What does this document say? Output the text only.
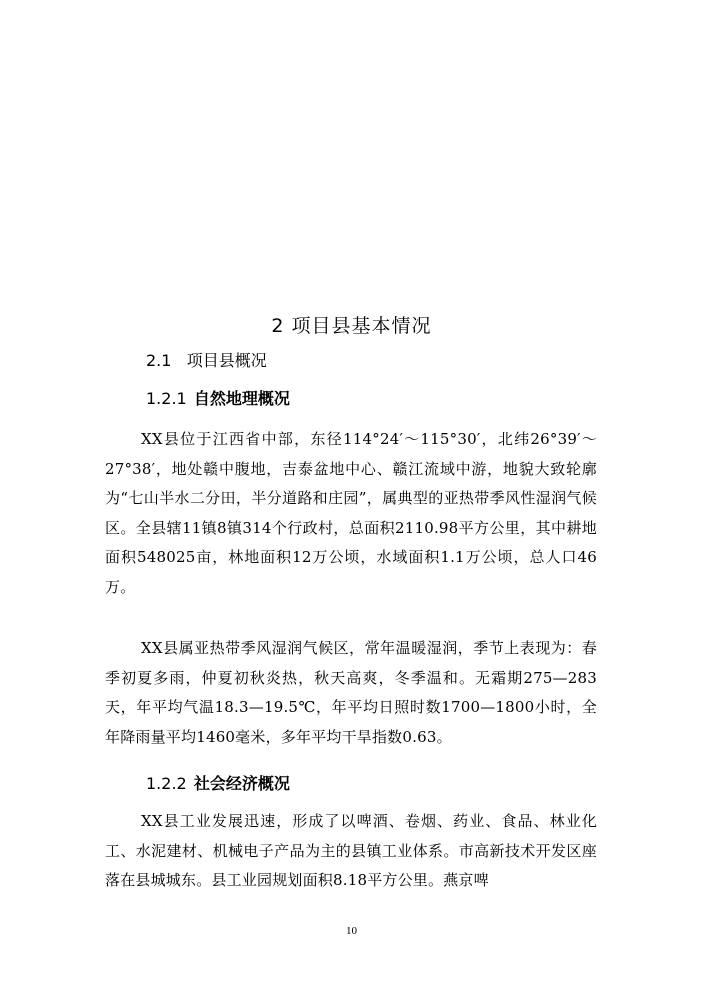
2 项目县基本情况
2.1 项目县概况
1.2.1 自然地理概况
XX县位于江西省中部，东径114°24′～115°30′，北纬26°39′～27°38′，地处赣中腹地，吉泰盆地中心、赣江流域中游，地貌大致轮廓为“七山半水二分田，半分道路和庄园”，属典型的亚热带季风性湿润气候区。全县辖11镇8镇314个行政村，总面积2110.98平方公里，其中耕地面积548025亩，林地面积12万公顷，水域面积1.1万公顷，总人口46万。
XX县属亚热带季风湿润气候区，常年温暖湿润，季节上表现为：春季初夏多雨，仲夏初秋炎热，秋天高爽，冬季温和。无霜期275—283天，年平均气温18.3—19.5℃，年平均日照时数1700—1800小时，全年降雨量平均1460毫米，多年平均干旱指数0.63。
1.2.2 社会经济概况
XX县工业发展迅速，形成了以啤酒、卷烟、药业、食品、林业化工、水泥建材、机械电子产品为主的县镇工业体系。市高新技术开发区座落在县城城东。县工业园规划面积8.18平方公里。燕京啤
10
